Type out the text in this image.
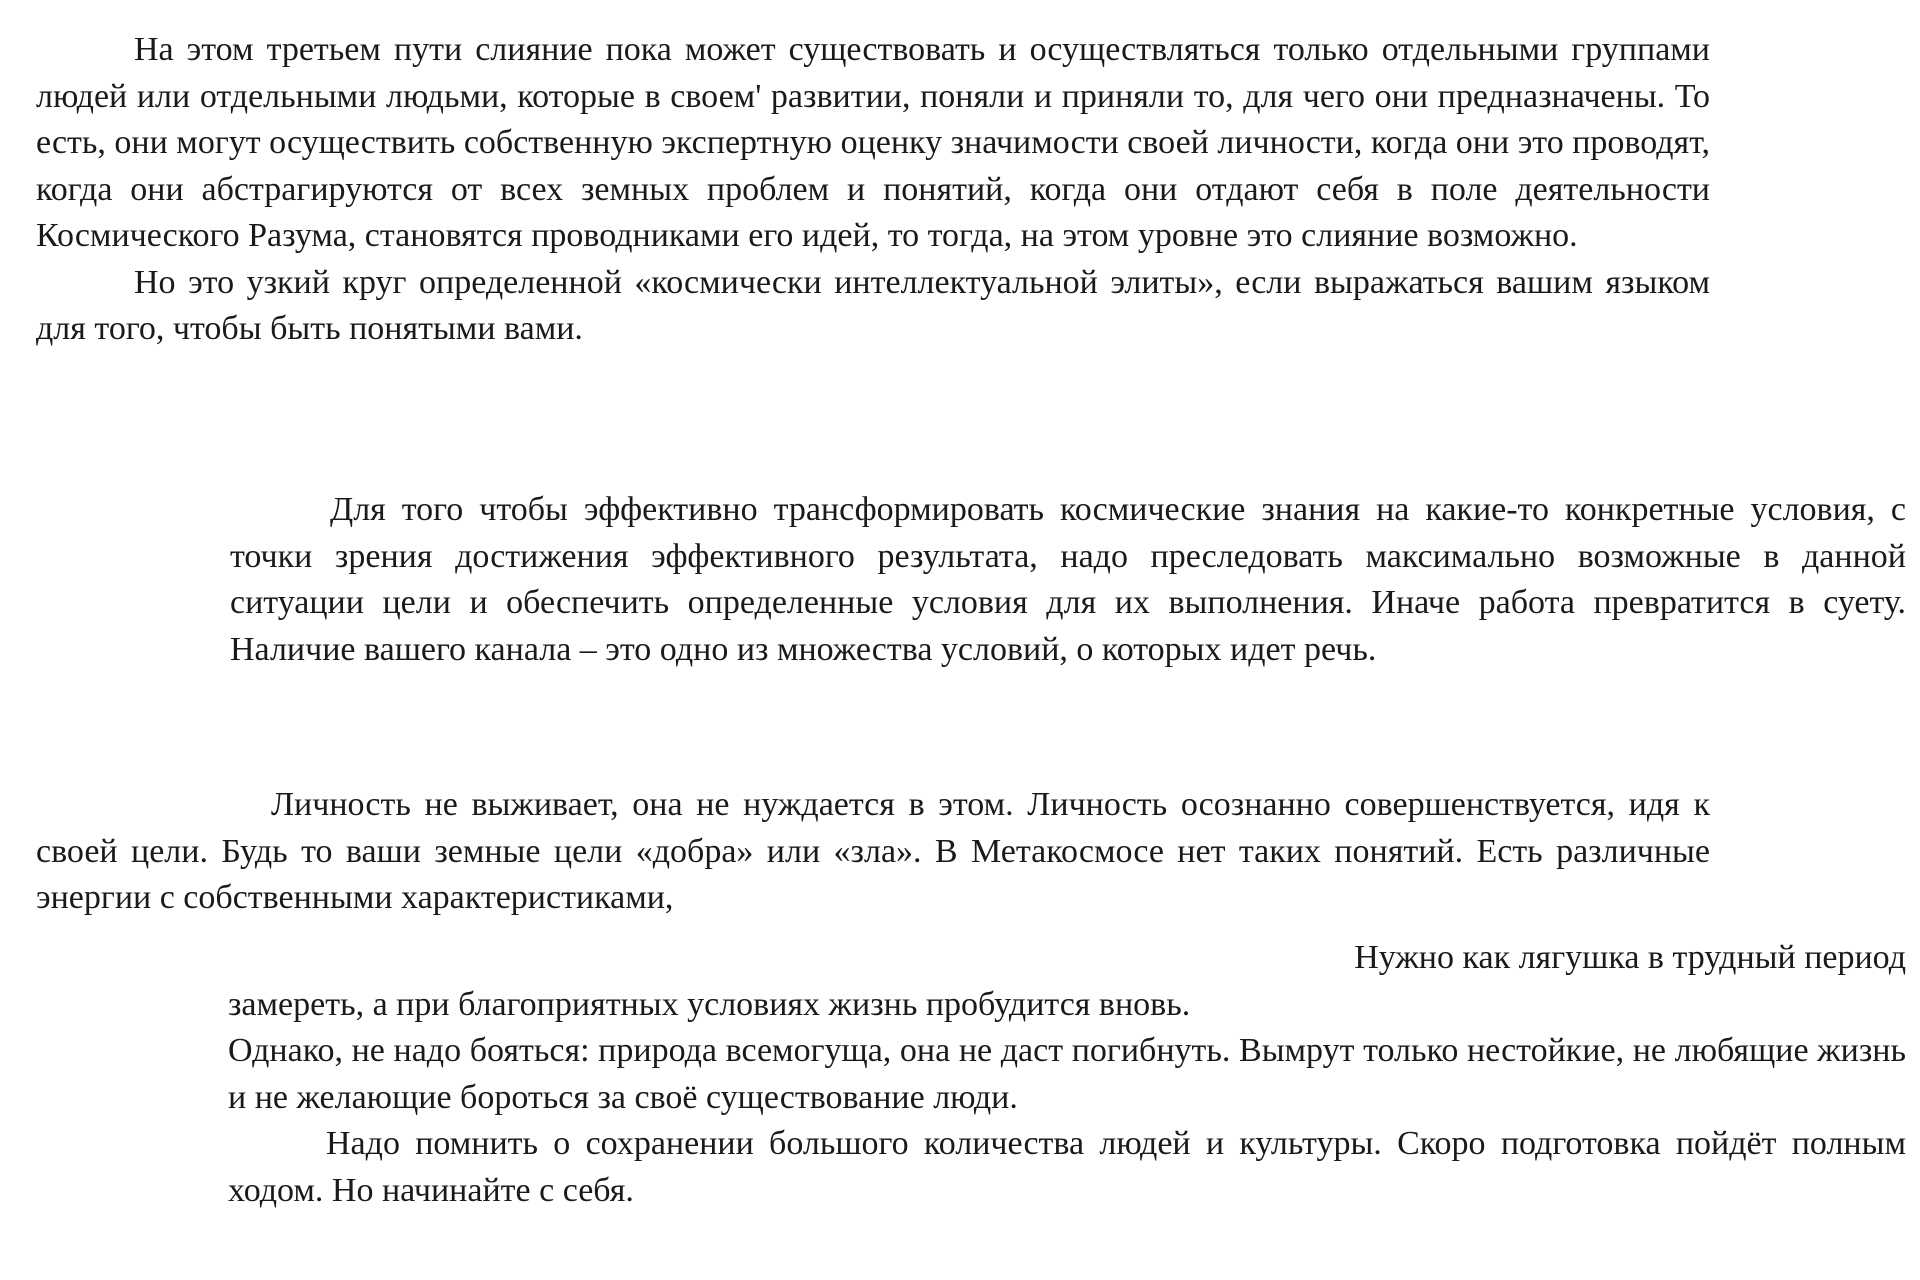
На этом третьем пути слияние пока может существовать и осуществляться только отдельными группами людей или отдельными людьми, которые в своем' развитии, поняли и приняли то, для чего они предназначены. То есть, они могут осуществить собственную экспертную оценку значимости своей личности, когда они это проводят, когда они абстрагируются от всех земных проблем и понятий, когда они отдают себя в поле деятельности Космического Разума, становятся проводниками его идей, то тогда, на этом уровне это слияние возможно.

Но это узкий круг определенной «космически интеллектуальной элиты», если выражаться вашим языком для того, чтобы быть понятыми вами.

Для того чтобы эффективно трансформировать космические знания на какие-то конкретные условия, с точки зрения достижения эффективного результата, надо преследовать максимально возможные в данной ситуации цели и обеспечить определенные условия для их выполнения. Иначе работа превратится в суету. Наличие вашего канала – это одно из множества условий, о которых идет речь.

Личность не выживает, она не нуждается в этом. Личность осознанно совершенствуется, идя к своей цели. Будь то ваши земные цели «добра» или «зла». В Метакосмосе нет таких понятий. Есть различные энергии с собственными характеристиками,

Нужно как лягушка в трудный период

замереть, а при благоприятных условиях жизнь пробудится вновь.

Однако, не надо бояться: природа всемогуща, она не даст погибнуть. Вымрут только нестойкие, не любящие жизнь и не желающие бороться за своё существование люди.

Надо помнить о сохранении большого количества людей и культуры. Скоро подготовка пойдёт полным ходом. Но начинайте с себя.
